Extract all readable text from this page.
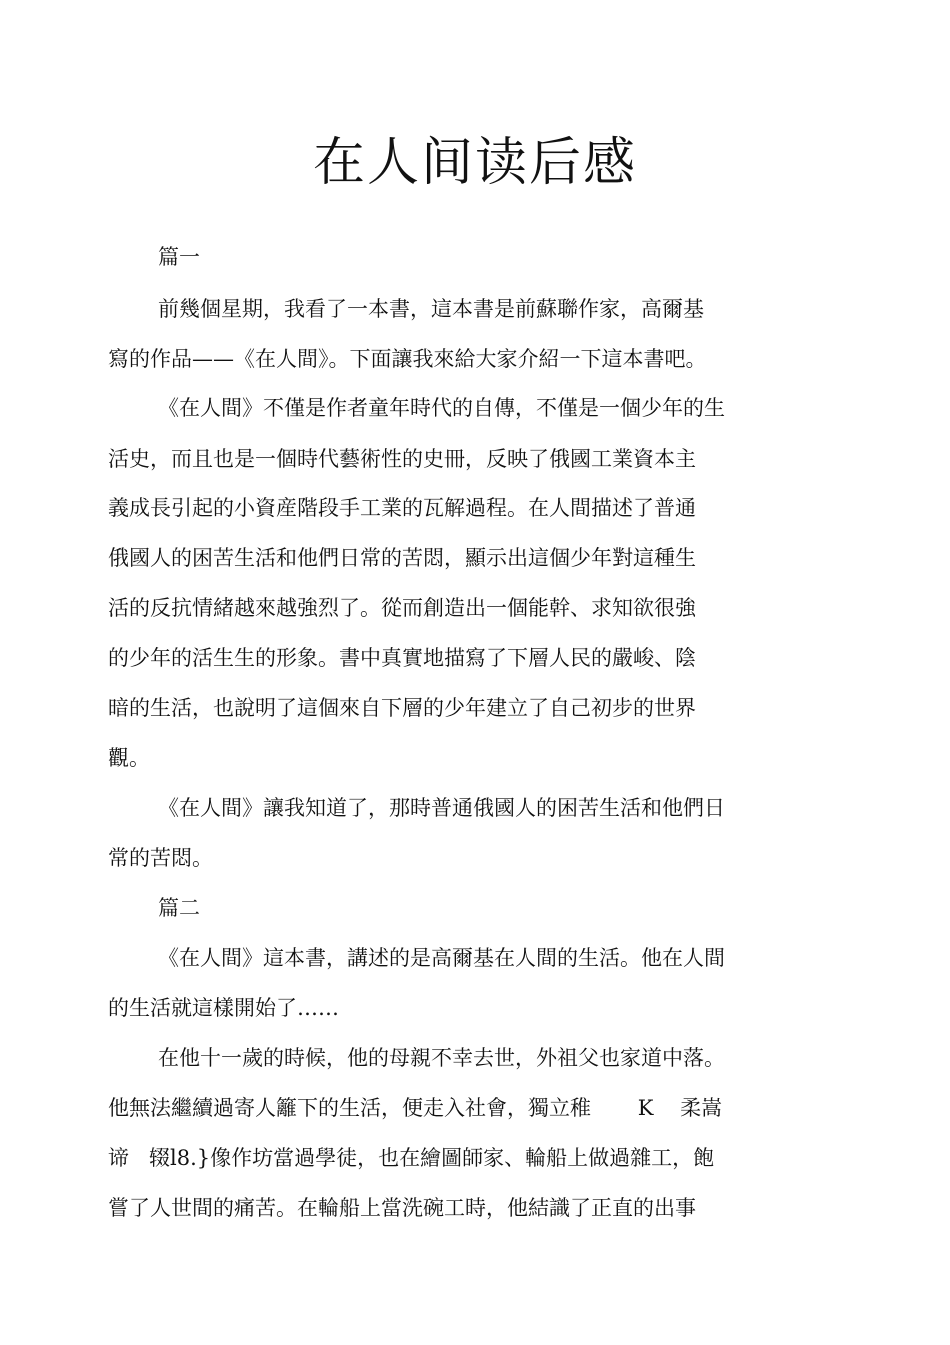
在人间读后感
篇一
前幾個星期，我看了一本書，這本書是前蘇聯作家，高爾基
寫的作品——《在人間》。下面讓我來給大家介紹一下這本書吧。
《在人間》不僅是作者童年時代的自傳，不僅是一個少年的生
活史，而且也是一個時代藝術性的史冊，反映了俄國工業資本主
義成長引起的小資産階段手工業的瓦解過程。在人間描述了普通
俄國人的困苦生活和他們日常的苦悶，顯示出這個少年對這種生
活的反抗情緒越來越強烈了。從而創造出一個能幹、求知欲很強
的少年的活生生的形象。書中真實地描寫了下層人民的嚴峻、陰
暗的生活，也說明了這個來自下層的少年建立了自己初步的世界
觀。
《在人間》讓我知道了，那時普通俄國人的困苦生活和他們日
常的苦悶。
篇二
《在人間》這本書，講述的是高爾基在人間的生活。他在人間
的生活就這樣開始了……
在他十一歲的時候，他的母親不幸去世，外祖父也家道中落。
他無法繼續過寄人籬下的生活，便走入社會，獨立稚       K    柔嵩
谛   辍l8.}像作坊當過學徒，也在繪圖師家、輪船上做過雜工，飽
嘗了人世間的痛苦。在輪船上當洗碗工時，他結識了正直的出事
